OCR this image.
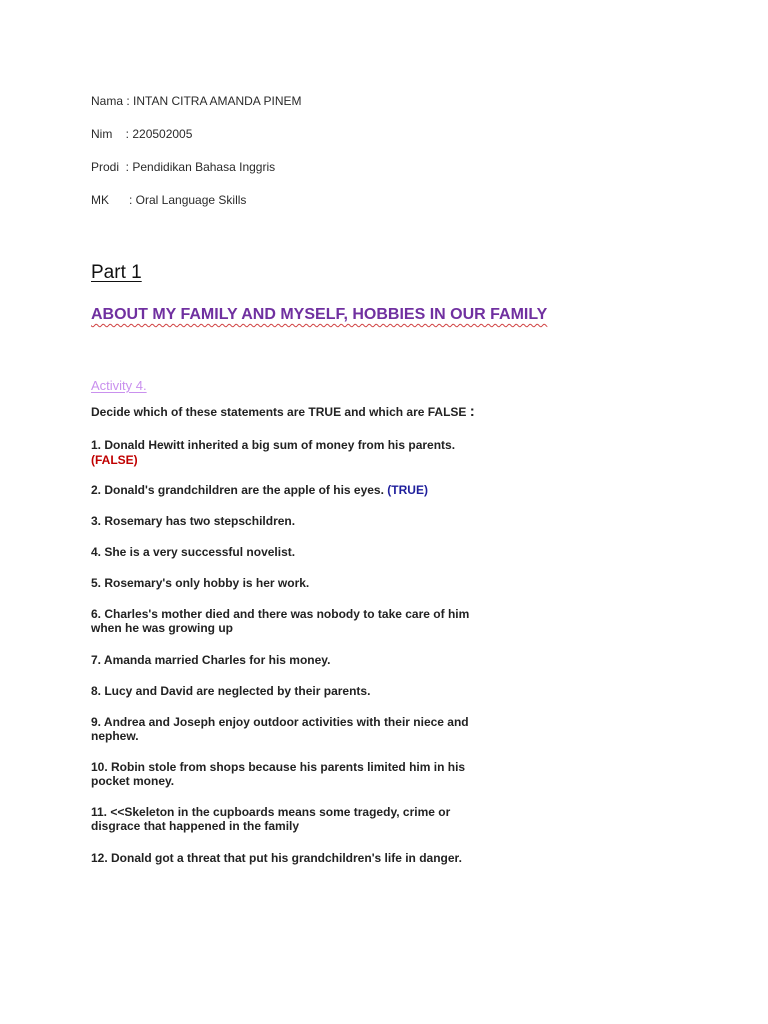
Nama : INTAN CITRA AMANDA PINEM
Nim    : 220502005
Prodi  : Pendidikan Bahasa Inggris
MK      : Oral Language Skills
Part 1
ABOUT MY FAMILY AND MYSELF, HOBBIES IN OUR FAMILY
Activity 4.
Decide which of these statements are TRUE and which are FALSE :
1. Donald Hewitt inherited a big sum of money from his parents.
(FALSE)
2. Donald's grandchildren are the apple of his eyes. (TRUE)
3. Rosemary has two stepschildren.
4. She is a very successful novelist.
5. Rosemary's only hobby is her work.
6. Charles's mother died and there was nobody to take care of him
when he was growing up
7. Amanda married Charles for his money.
8. Lucy and David are neglected by their parents.
9. Andrea and Joseph enjoy outdoor activities with their niece and
nephew.
10. Robin stole from shops because his parents limited him in his
pocket money.
11. <<Skeleton in the cupboards means some tragedy, crime or
disgrace that happened in the family
12. Donald got a threat that put his grandchildren's life in danger.
